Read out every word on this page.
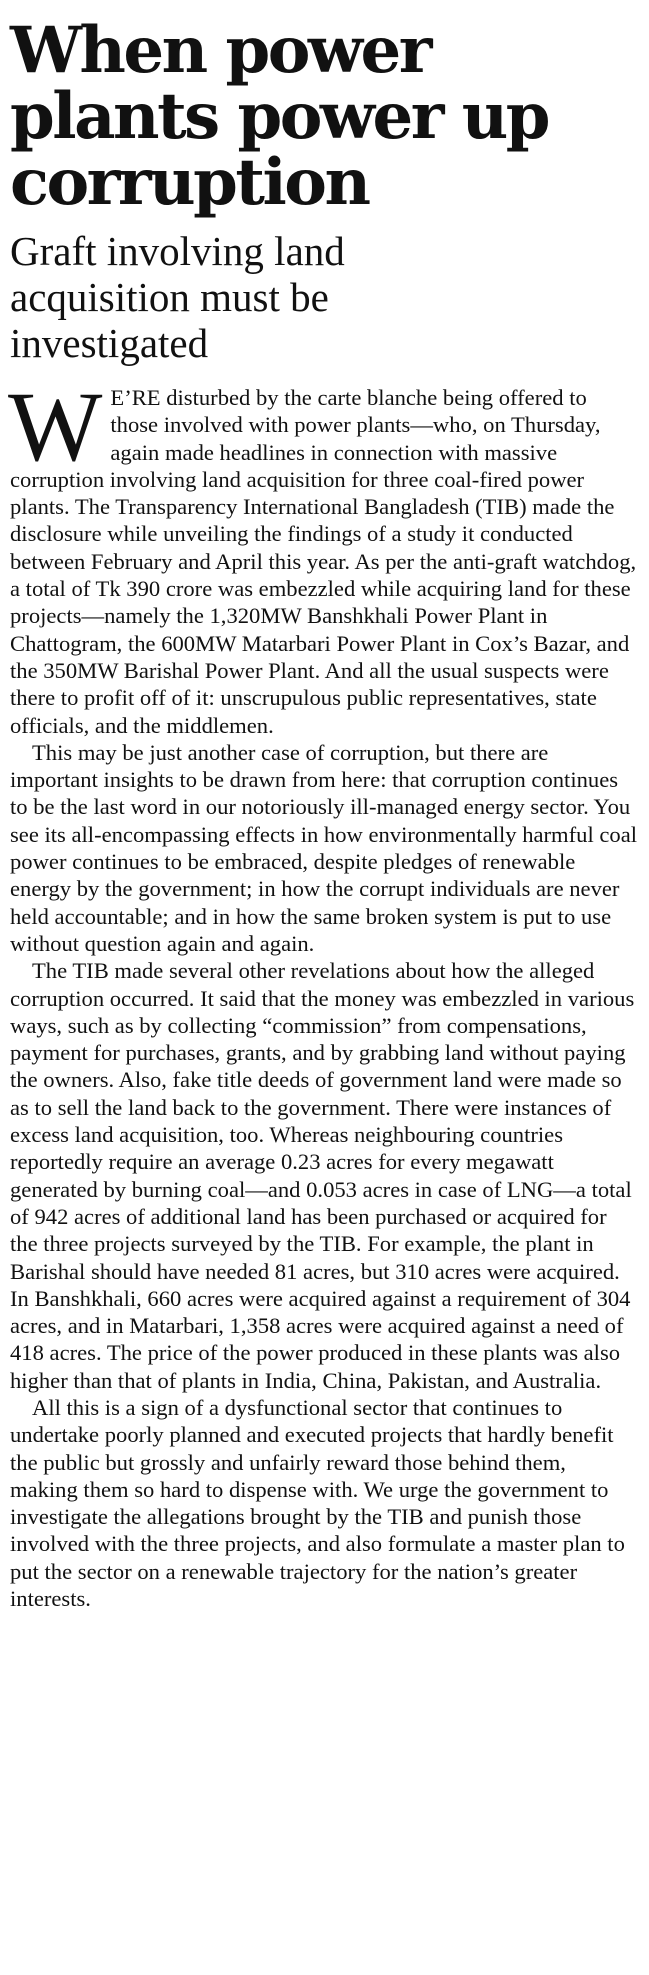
When power plants power up corruption
Graft involving land acquisition must be investigated

W E’RE disturbed by the carte blanche being offered to those involved with power plants—who, on Thursday, again made headlines in connection with massive corruption involving land acquisition for three coal-fired power plants. The Transparency International Bangladesh (TIB) made the disclosure while unveiling the findings of a study it conducted between February and April this year. As per the anti-graft watchdog, a total of Tk 390 crore was embezzled while acquiring land for these projects—namely the 1,320MW Banshkhali Power Plant in Chattogram, the 600MW Matarbari Power Plant in Cox’s Bazar, and the 350MW Barishal Power Plant. And all the usual suspects were there to profit off of it: unscrupulous public representatives, state officials, and the middlemen.

This may be just another case of corruption, but there are important insights to be drawn from here: that corruption continues to be the last word in our notoriously ill-managed energy sector. You see its all-encompassing effects in how environmentally harmful coal power continues to be embraced, despite pledges of renewable energy by the government; in how the corrupt individuals are never held accountable; and in how the same broken system is put to use without question again and again.

The TIB made several other revelations about how the alleged corruption occurred. It said that the money was embezzled in various ways, such as by collecting “commission” from compensations, payment for purchases, grants, and by grabbing land without paying the owners. Also, fake title deeds of government land were made so as to sell the land back to the government. There were instances of excess land acquisition, too. Whereas neighbouring countries reportedly require an average 0.23 acres for every megawatt generated by burning coal—and 0.053 acres in case of LNG—a total of 942 acres of additional land has been purchased or acquired for the three projects surveyed by the TIB. For example, the plant in Barishal should have needed 81 acres, but 310 acres were acquired. In Banshkhali, 660 acres were acquired against a requirement of 304 acres, and in Matarbari, 1,358 acres were acquired against a need of 418 acres. The price of the power produced in these plants was also higher than that of plants in India, China, Pakistan, and Australia.

All this is a sign of a dysfunctional sector that continues to undertake poorly planned and executed projects that hardly benefit the public but grossly and unfairly reward those behind them, making them so hard to dispense with. We urge the government to investigate the allegations brought by the TIB and punish those involved with the three projects, and also formulate a master plan to put the sector on a renewable trajectory for the nation’s greater interests.
